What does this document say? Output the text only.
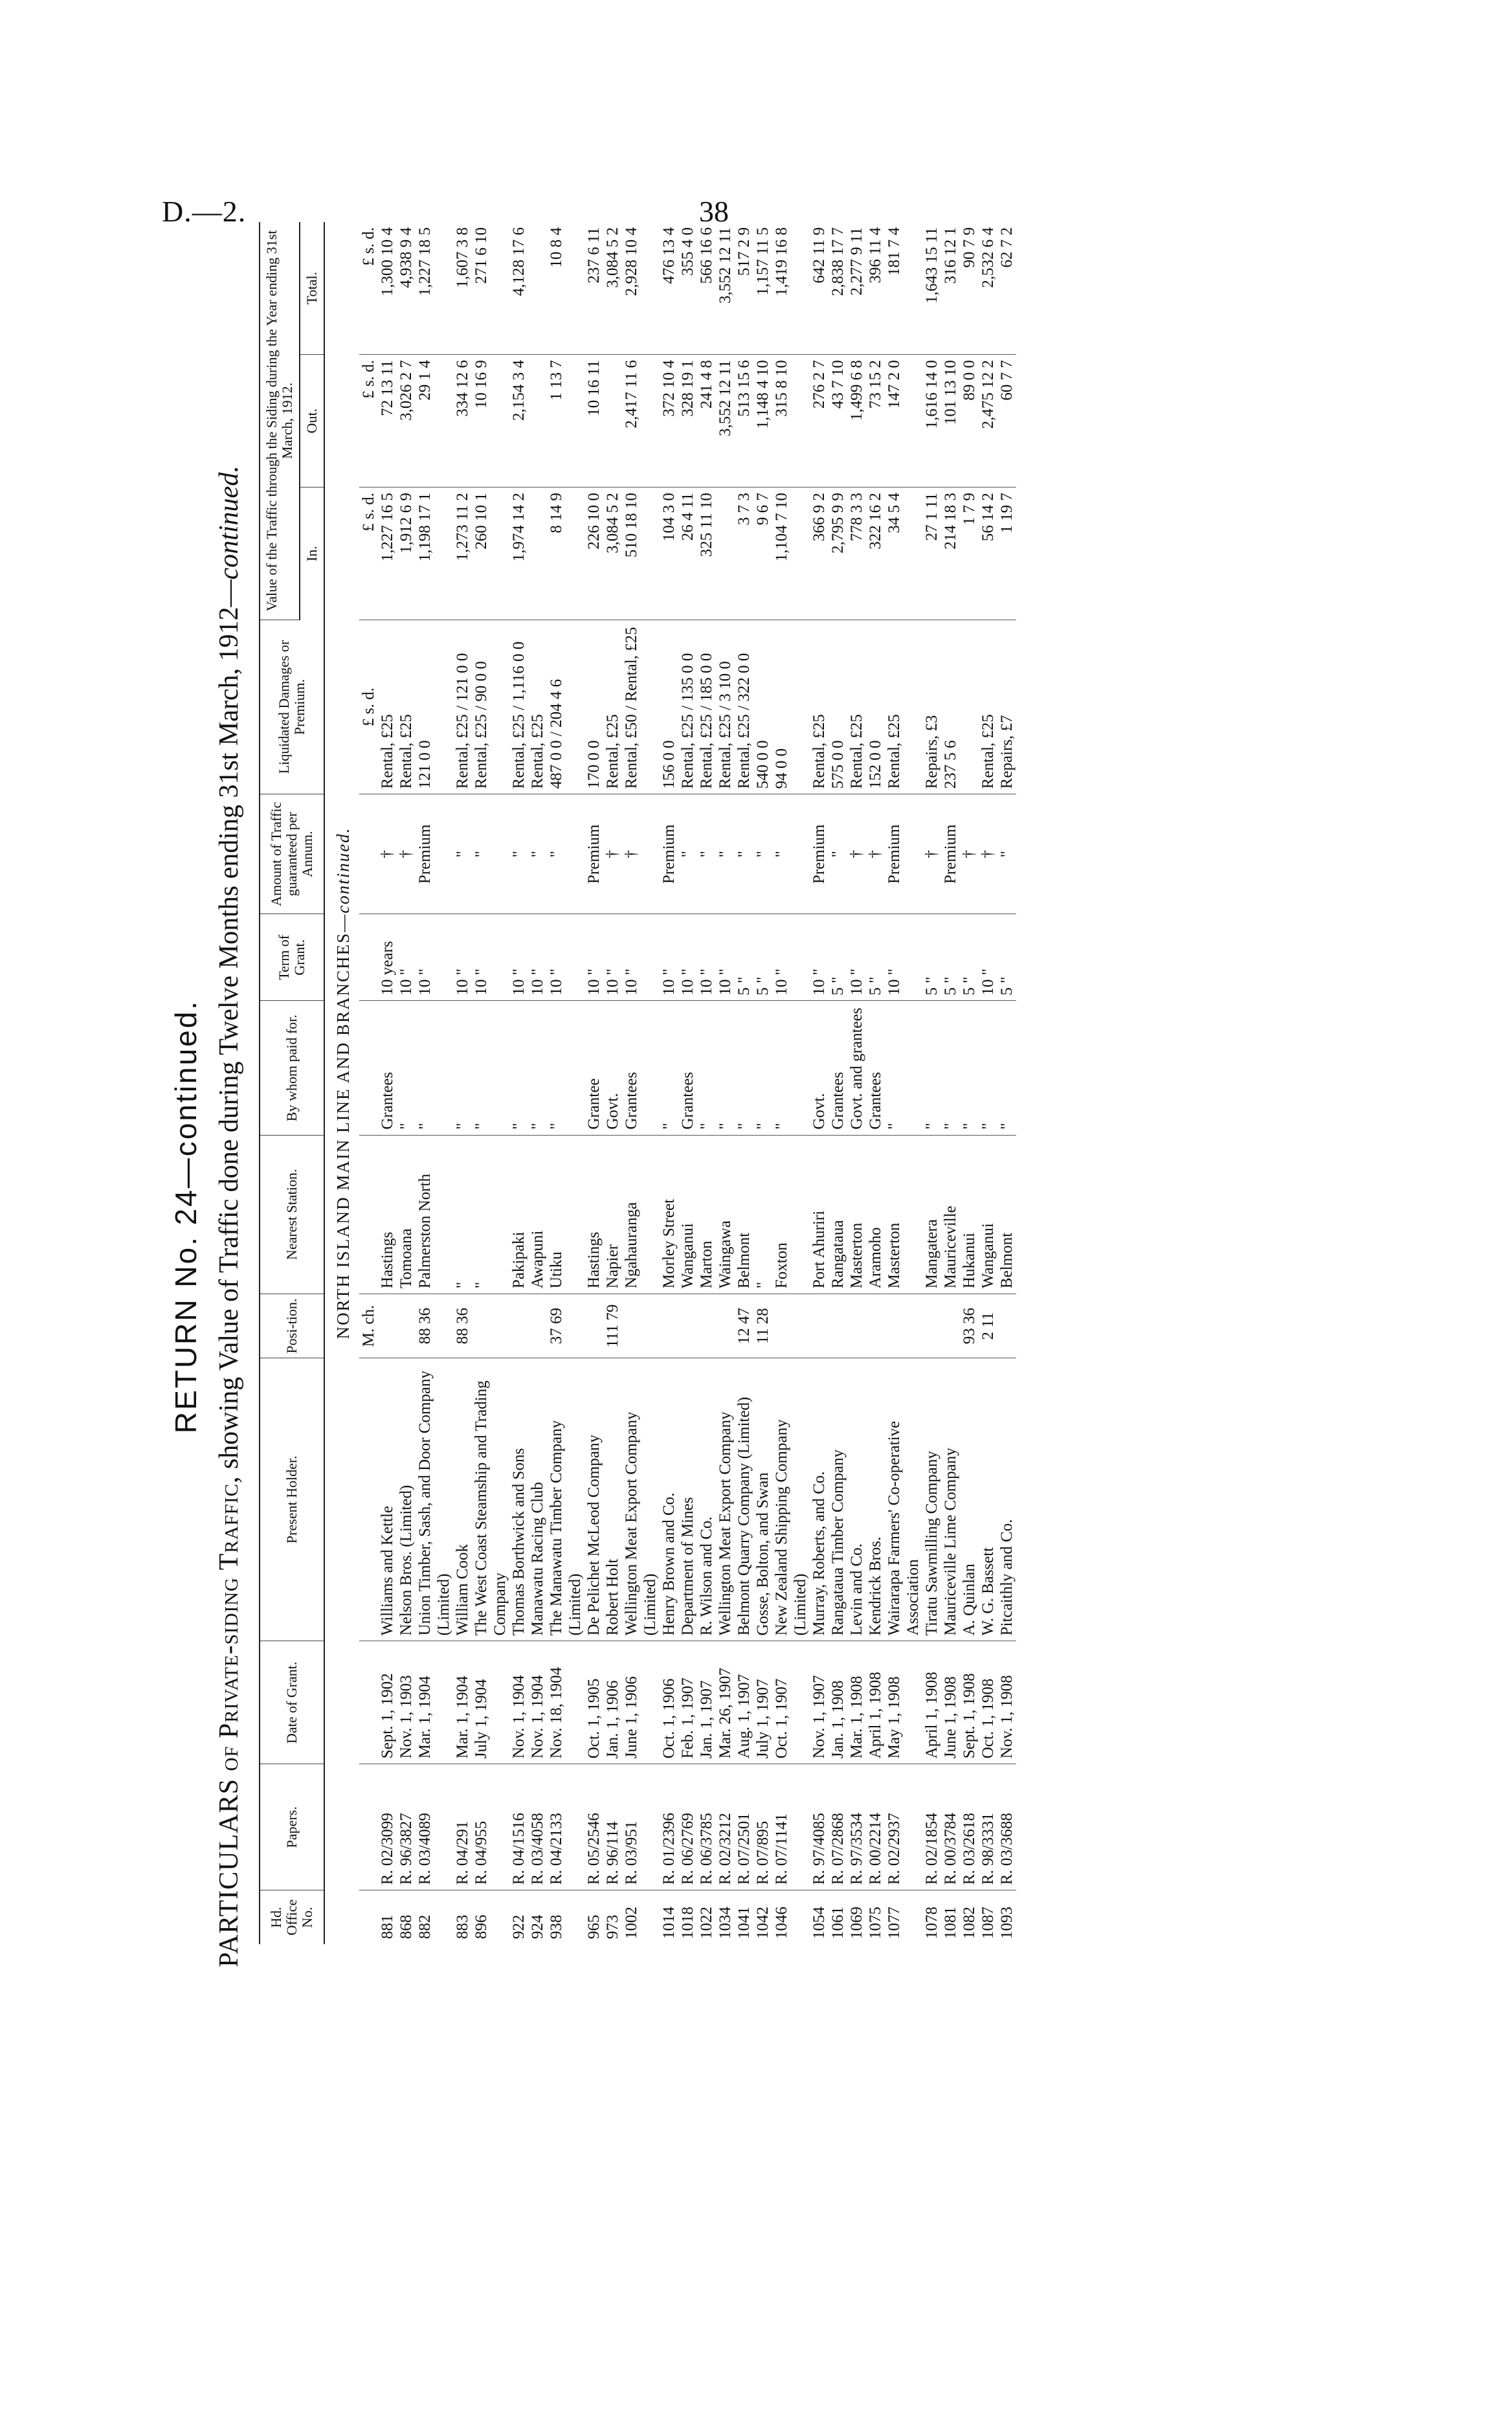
D.—2.	38
RETURN No. 24—continued.
PARTICULARS of Private-siding Traffic, showing Value of Traffic done during Twelve Months ending 31st March, 1912—continued.
Hd. Office No.	Papers.	Date of Grant.	Present Holder.	Posi-tion.	Nearest Station.	By whom paid for.	Term of Grant.	Amount of Traffic guaranteed per Annum.	Liquidated Damages or Premium.	Value of the Traffic through the Siding during the Year ending 31st March, 1912.		
										In.	Out.	Total.
NORTH ISLAND MAIN LINE AND BRANCHES—continued.												
				M. ch.					£ s. d.	£ s. d.	£ s. d.	£ s. d.
881	R. 02/3099	Sept. 1, 1902	Williams and Kettle		Hastings	Grantees	10 years	†	Rental, £25	1,227 16 5	72 13 11	1,300 10 4
868	R. 96/3827	Nov. 1, 1903	Nelson Bros. (Limited)		Tomoana	"	10 "	†	Rental, £25	1,912 6 9	3,026 2 7	4,938 9 4
882	R. 03/4089	Mar. 1, 1904	Union Timber, Sash, and Door Company (Limited)	88 36	Palmerston North	"	10 "	Premium	121 0 0	1,198 17 1	29 1 4	1,227 18 5
883	R. 04/291	Mar. 1, 1904	William Cook	88 36	"	"	10 "	"	Rental, £25 / 121 0 0	1,273 11 2	334 12 6	1,607 3 8
896	R. 04/955	July 1, 1904	The West Coast Steamship and Trading Company		"	"	10 "	"	Rental, £25 / 90 0 0	260 10 1	10 16 9	271 6 10
922	R. 04/1516	Nov. 1, 1904	Thomas Borthwick and Sons		Pakipaki	"	10 "	"	Rental, £25 / 1,116 0 0	1,974 14 2	2,154 3 4	4,128 17 6
924	R. 03/4058	Nov. 1, 1904	Manawatu Racing Club		Awapuni	"	10 "	"	Rental, £25			
938	R. 04/2133	Nov. 18, 1904	The Manawatu Timber Company (Limited)	37 69	Utiku	"	10 "	"	487 0 0 / 204 4 6	8 14 9	1 13 7	10 8 4
965	R. 05/2546	Oct. 1, 1905	De Pelichet McLeod Company		Hastings	Grantee	10 "	Premium	170 0 0	226 10 0	10 16 11	237 6 11
973	R. 96/114	Jan. 1, 1906	Robert Holt	111 79	Napier	Govt.	10 "	†	Rental, £25	3,084 5 2		3,084 5 2
1002	R. 03/951	June 1, 1906	Wellington Meat Export Company (Limited)		Ngahauranga	Grantees	10 "	†	Rental, £50 / Rental, £25	510 18 10	2,417 11 6	2,928 10 4
1014	R. 01/2396	Oct. 1, 1906	Henry Brown and Co.		Morley Street	"	10 "	Premium	156 0 0	104 3 0	372 10 4	476 13 4
1018	R. 06/2769	Feb. 1, 1907	Department of Mines		Wanganui	Grantees	10 "	"	Rental, £25 / 135 0 0	26 4 11	328 19 1	355 4 0
1022	R. 06/3785	Jan. 1, 1907	R. Wilson and Co.		Marton	"	10 "	"	Rental, £25 / 185 0 0	325 11 10	241 4 8	566 16 6
1034	R. 02/3212	Mar. 26, 1907	Wellington Meat Export Company		Waingawa	"	10 "	"	Rental, £25 / 3 10 0		3,552 12 11	3,552 12 11
1041	R. 07/2501	Aug. 1, 1907	Belmont Quarry Company (Limited)	12 47	Belmont	"	5 "	"	Rental, £25 / 322 0 0	3 7 3	513 15 6	517 2 9
1042	R. 07/895	July 1, 1907	Gosse, Bolton, and Swan	11 28	"	"	5 "	"	540 0 0	9 6 7	1,148 4 10	1,157 11 5
1046	R. 07/1141	Oct. 1, 1907	New Zealand Shipping Company (Limited)		Foxton	"	10 "	"	94 0 0	1,104 7 10	315 8 10	1,419 16 8
1054	R. 97/4085	Nov. 1, 1907	Murray, Roberts, and Co.		Port Ahuriri	Govt.	10 "	Premium	Rental, £25	366 9 2	276 2 7	642 11 9
1061	R. 07/2868	Jan. 1, 1908	Rangataua Timber Company		Rangataua	Grantees	5 "	"	575 0 0	2,795 9 9	43 7 10	2,838 17 7
1069	R. 97/3534	Mar. 1, 1908	Levin and Co.		Masterton	Govt. and grantees	10 "	†	Rental, £25	778 3 3	1,499 6 8	2,277 9 11
1075	R. 00/2214	April 1, 1908	Kendrick Bros.		Aramoho	Grantees	5 "	†	152 0 0	322 16 2	73 15 2	396 11 4
1077	R. 02/2937	May 1, 1908	Wairarapa Farmers' Co-operative Association		Masterton	"	10 "	Premium	Rental, £25	34 5 4	147 2 0	181 7 4
1078	R. 02/1854	April 1, 1908	Tiratu Sawmilling Company		Mangatera	"	5 "	†	Repairs, £3	27 1 11	1,616 14 0	1,643 15 11
1081	R. 00/3784	June 1, 1908	Mauriceville Lime Company		Mauriceville	"	5 "	Premium	237 5 6	214 18 3	101 13 10	316 12 1
1082	R. 03/2618	Sept. 1, 1908	A. Quinlan	93 36	Hukanui	"	5 "	†		1 7 9	89 0 0	90 7 9
1087	R. 98/3331	Oct. 1, 1908	W. G. Bassett	2 11	Wanganui	"	10 "	†	Rental, £25	56 14 2	2,475 12 2	2,532 6 4
1093	R. 03/3688	Nov. 1, 1908	Pitcaithly and Co.		Belmont	"	5 "	"	Repairs, £7	1 19 7	60 7 7	62 7 2
